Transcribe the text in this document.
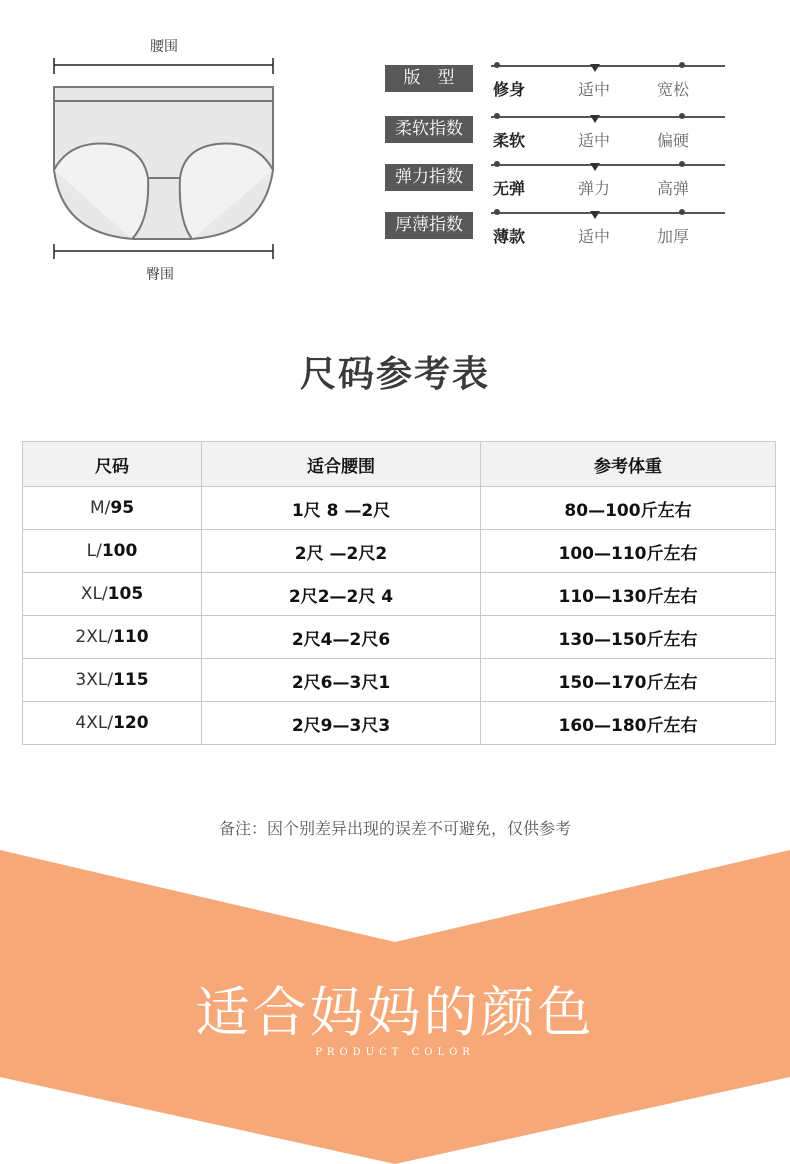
腰围
臀围
版　型
修身	适中	宽松
柔软指数
柔软	适中	偏硬
弹力指数
无弹	弹力	高弹
厚薄指数
薄款	适中	加厚
尺码参考表
尺码	适合腰围	参考体重
M/95	1尺 8 —2尺	80—100斤左右
L/100	2尺 —2尺2	100—110斤左右
XL/105	2尺2—2尺 4	110—130斤左右
2XL/110	2尺4—2尺6	130—150斤左右
3XL/115	2尺6—3尺1	150—170斤左右
4XL/120	2尺9—3尺3	160—180斤左右
备注：因个别差异出现的误差不可避免，仅供参考
适合妈妈的颜色
PRODUCT COLOR
